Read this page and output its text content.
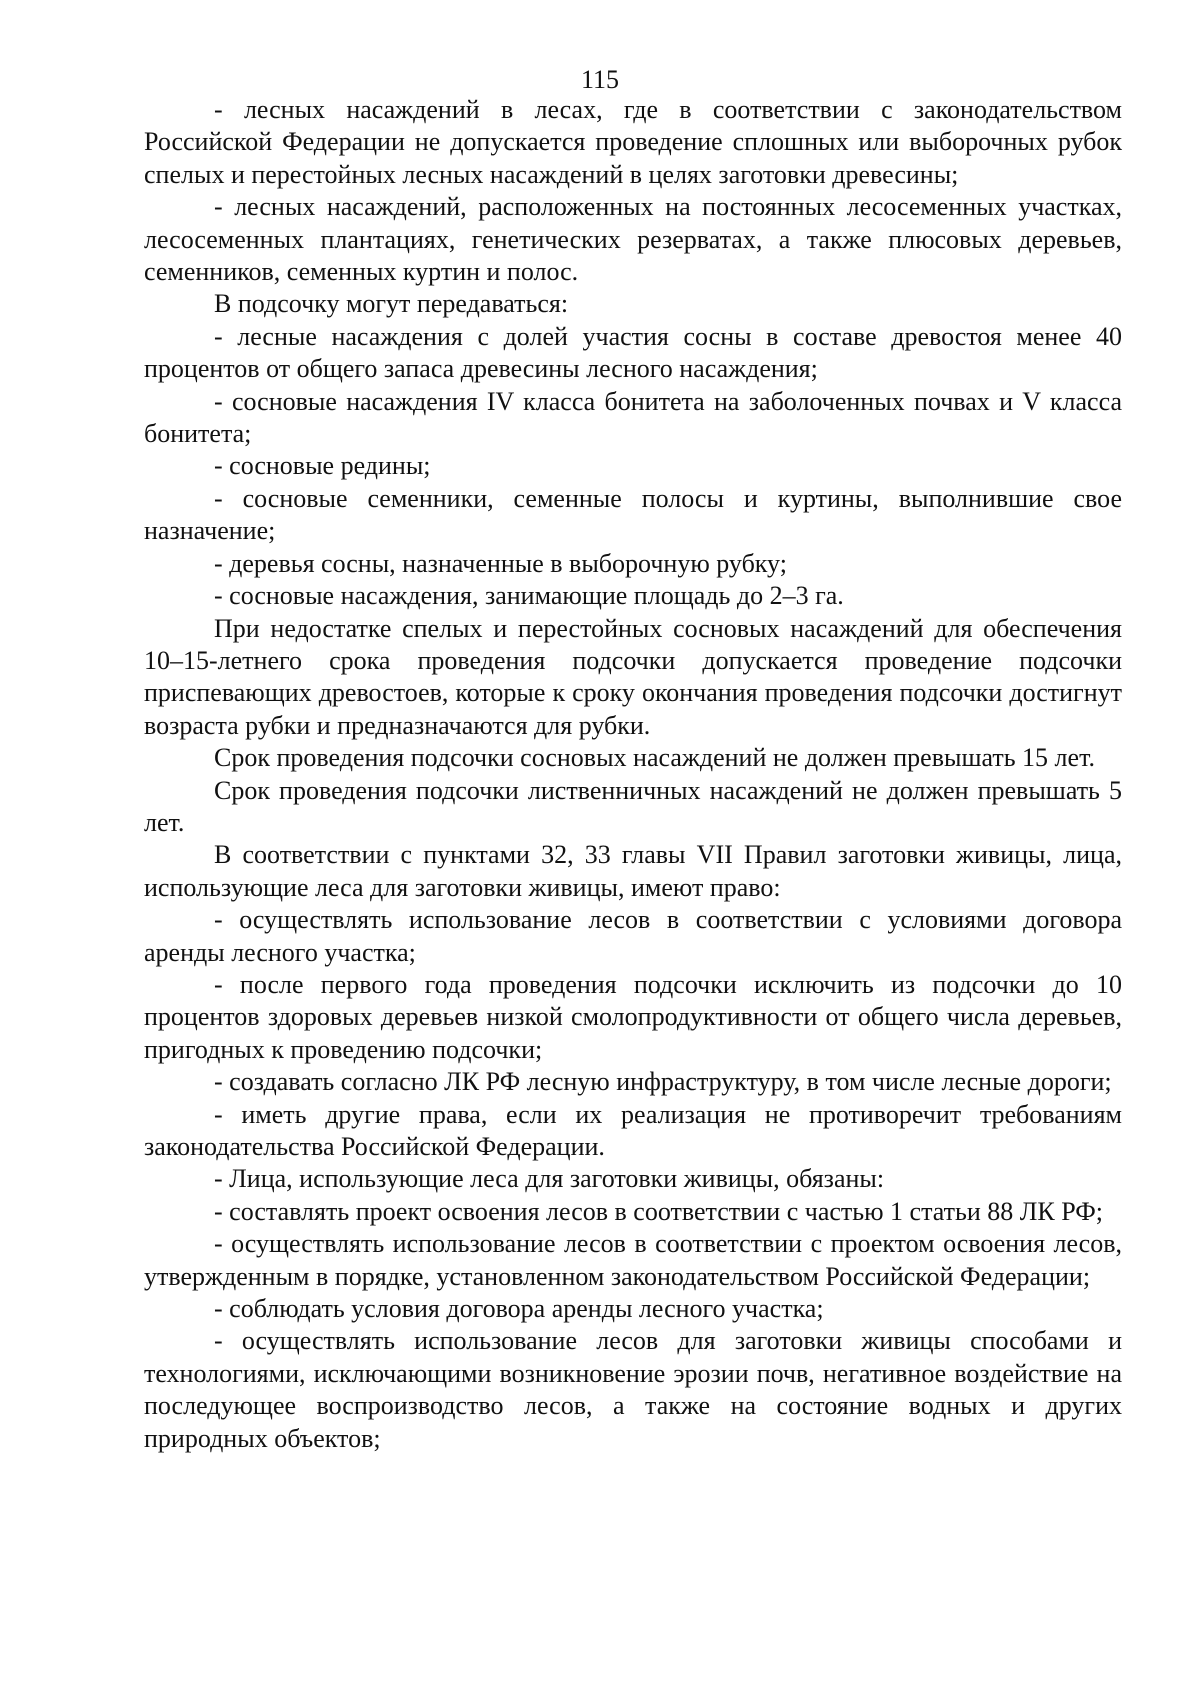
115

- лесных насаждений в лесах, где в соответствии с законодательством Российской Федерации не допускается проведение сплошных или выборочных рубок спелых и перестойных лесных насаждений в целях заготовки древесины;

- лесных насаждений, расположенных на постоянных лесосеменных участках, лесосеменных плантациях, генетических резерватах, а также плюсовых деревьев, семенников, семенных куртин и полос.

В подсочку могут передаваться:

- лесные насаждения с долей участия сосны в составе древостоя менее 40 процентов от общего запаса древесины лесного насаждения;

- сосновые насаждения IV класса бонитета на заболоченных почвах и V класса бонитета;

- сосновые редины;

- сосновые семенники, семенные полосы и куртины, выполнившие свое назначение;

- деревья сосны, назначенные в выборочную рубку;

- сосновые насаждения, занимающие площадь до 2–3 га.

При недостатке спелых и перестойных сосновых насаждений для обеспечения 10–15-летнего срока проведения подсочки допускается проведение подсочки приспевающих древостоев, которые к сроку окончания проведения подсочки достигнут возраста рубки и предназначаются для рубки.

Срок проведения подсочки сосновых насаждений не должен превышать 15 лет.

Срок проведения подсочки лиственничных насаждений не должен превышать 5 лет.

В соответствии с пунктами 32, 33 главы VII Правил заготовки живицы, лица, использующие леса для заготовки живицы, имеют право:

- осуществлять использование лесов в соответствии с условиями договора аренды лесного участка;

- после первого года проведения подсочки исключить из подсочки до 10 процентов здоровых деревьев низкой смолопродуктивности от общего числа деревьев, пригодных к проведению подсочки;

- создавать согласно ЛК РФ лесную инфраструктуру, в том числе лесные дороги;

- иметь другие права, если их реализация не противоречит требованиям законодательства Российской Федерации.

- Лица, использующие леса для заготовки живицы, обязаны:

- составлять проект освоения лесов в соответствии с частью 1 статьи 88 ЛК РФ;

- осуществлять использование лесов в соответствии с проектом освоения лесов, утвержденным в порядке, установленном законодательством Российской Федерации;

- соблюдать условия договора аренды лесного участка;

- осуществлять использование лесов для заготовки живицы способами и технологиями, исключающими возникновение эрозии почв, негативное воздействие на последующее воспроизводство лесов, а также на состояние водных и других природных объектов;
